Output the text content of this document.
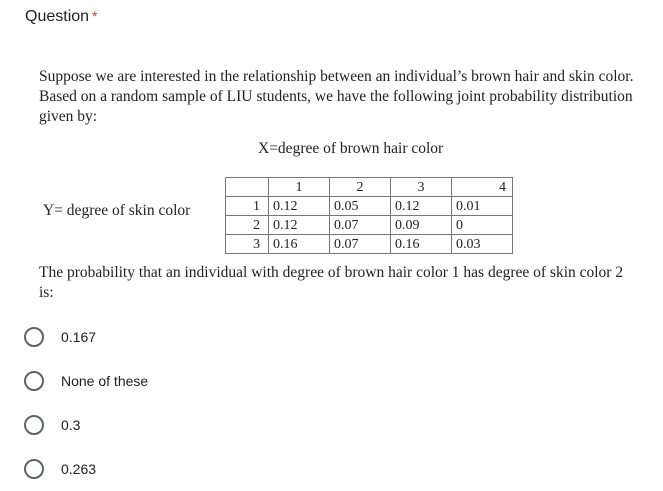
Question *
Suppose we are interested in the relationship between an individual’s brown hair and skin color. Based on a random sample of LIU students, we have the following joint probability distribution given by:
X=degree of brown hair color
Y= degree of skin color
	1	2	3	4
1	0.12	0.05	0.12	0.01
2	0.12	0.07	0.09	0
3	0.16	0.07	0.16	0.03
The probability that an individual with degree of brown hair color 1 has degree of skin color 2 is:
0.167
None of these
0.3
0.263
